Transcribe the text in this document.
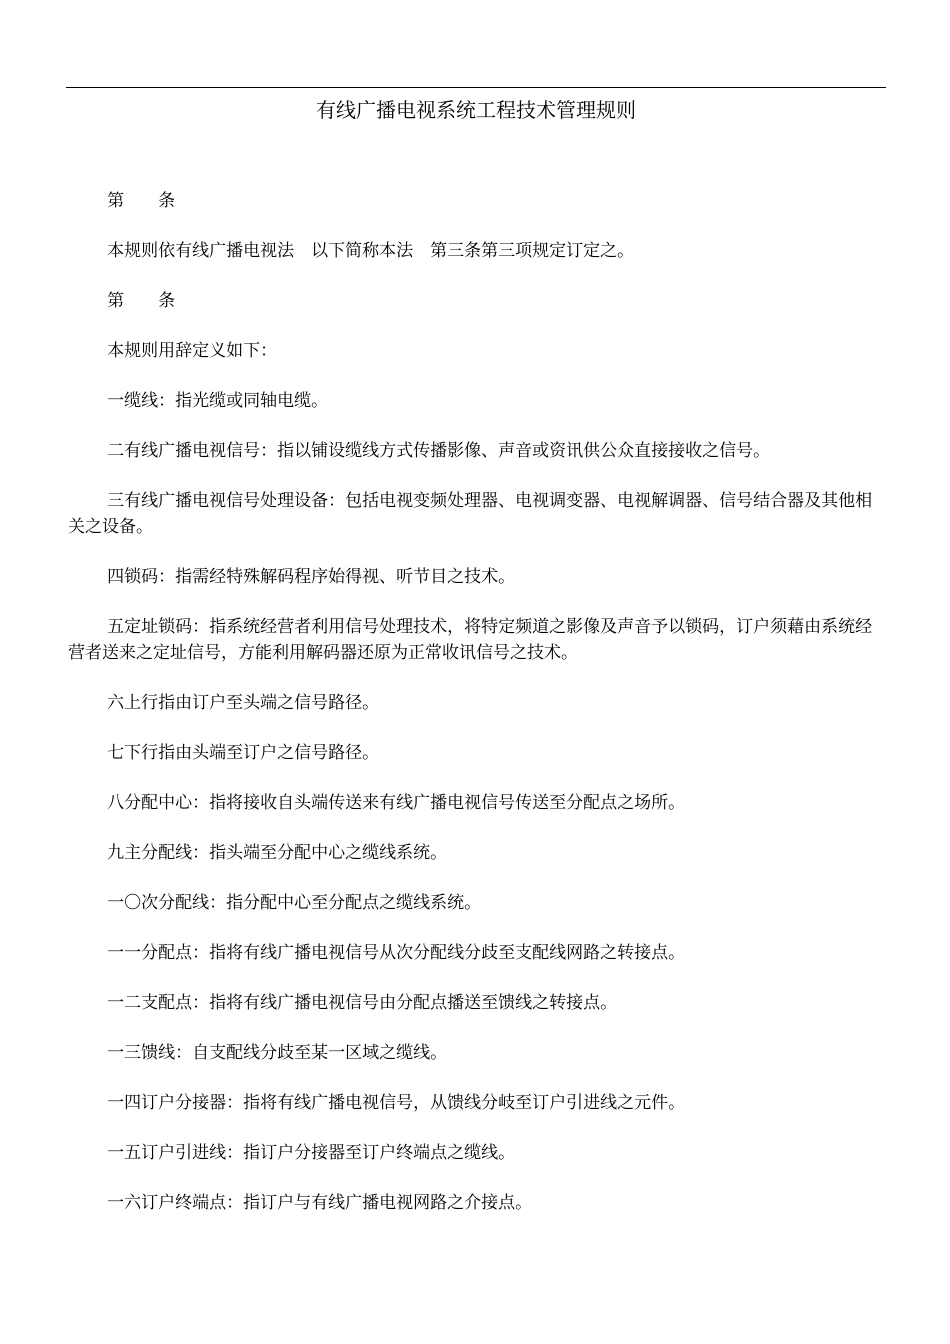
有线广播电视系统工程技术管理规则

第　　条

本规则依有线广播电视法　以下简称本法　第三条第三项规定订定之。

第　　条

本规则用辞定义如下：

一缆线：指光缆或同轴电缆。

二有线广播电视信号：指以铺设缆线方式传播影像、声音或资讯供公众直接接收之信号。

三有线广播电视信号处理设备：包括电视变频处理器、电视调变器、电视解调器、信号结合器及其他相关之设备。

四锁码：指需经特殊解码程序始得视、听节目之技术。

五定址锁码：指系统经营者利用信号处理技术，将特定频道之影像及声音予以锁码，订户须藉由系统经营者送来之定址信号，方能利用解码器还原为正常收讯信号之技术。

六上行指由订户至头端之信号路径。

七下行指由头端至订户之信号路径。

八分配中心：指将接收自头端传送来有线广播电视信号传送至分配点之场所。

九主分配线：指头端至分配中心之缆线系统。

一〇次分配线：指分配中心至分配点之缆线系统。

一一分配点：指将有线广播电视信号从次分配线分歧至支配线网路之转接点。

一二支配点：指将有线广播电视信号由分配点播送至馈线之转接点。

一三馈线：自支配线分歧至某一区域之缆线。

一四订户分接器：指将有线广播电视信号，从馈线分岐至订户引进线之元件。

一五订户引进线：指订户分接器至订户终端点之缆线。

一六订户终端点：指订户与有线广播电视网路之介接点。
